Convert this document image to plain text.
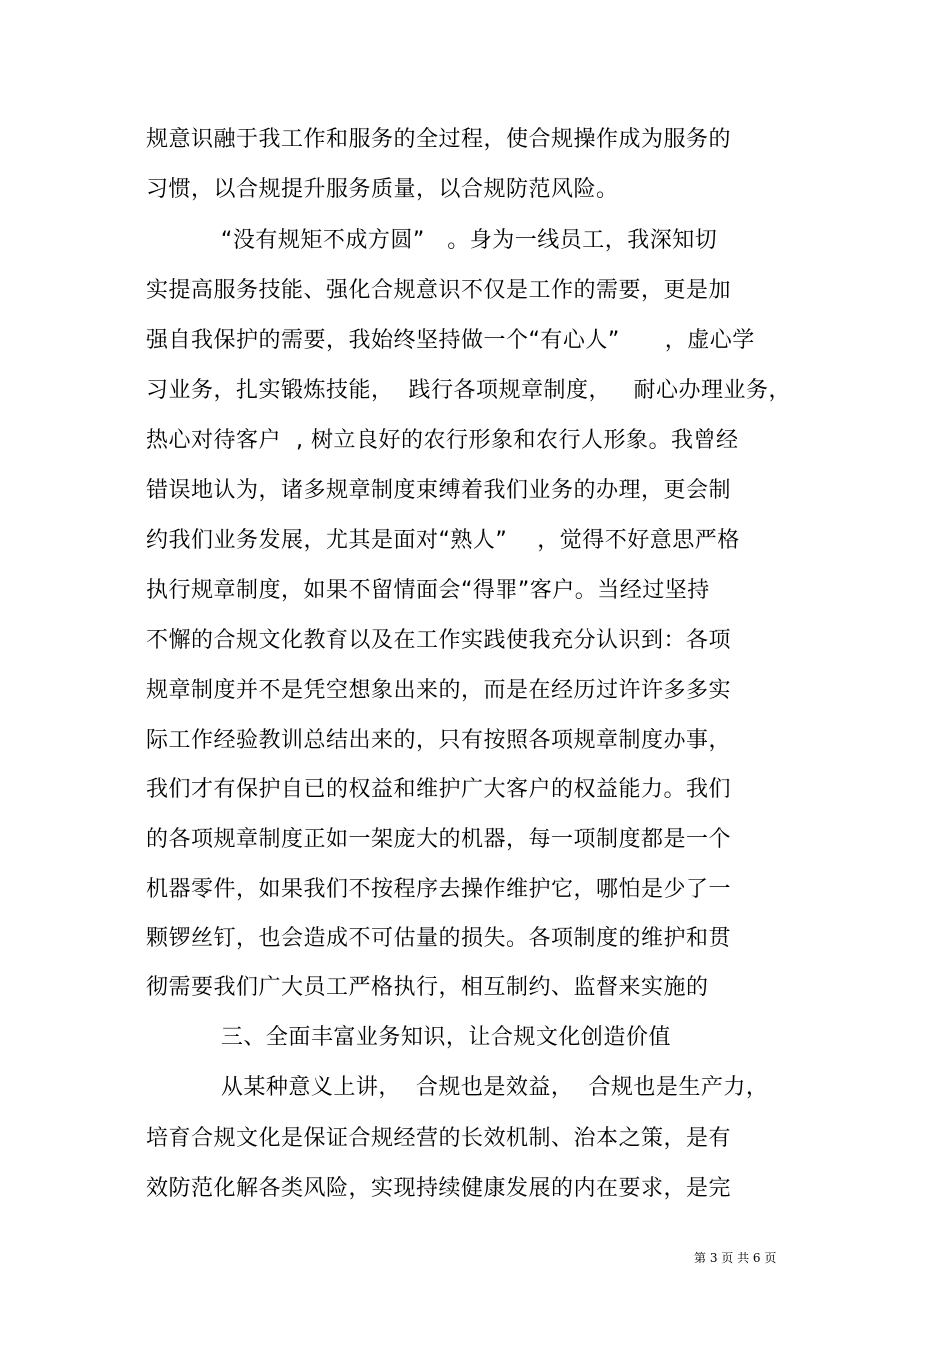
规意识融于我工作和服务的全过程，使合规操作成为服务的
习惯，以合规提升服务质量，以合规防范风险。
“没有规矩不成方圆”   。身为一线员工，我深知切
实提高服务技能、强化合规意识不仅是工作的需要，更是加
强自我保护的需要，我始终坚持做一个“有心人”      ，虚心学
习业务，扎实锻炼技能，  践行各项规章制度，   耐心办理业务，
热心对待客户  , 树立良好的农行形象和农行人形象。我曾经
错误地认为，诸多规章制度束缚着我们业务的办理，更会制
约我们业务发展，尤其是面对“熟人”    ，觉得不好意思严格
执行规章制度，如果不留情面会“得罪”客户。当经过坚持
不懈的合规文化教育以及在工作实践使我充分认识到：各项
规章制度并不是凭空想象出来的，而是在经历过许许多多实
际工作经验教训总结出来的，只有按照各项规章制度办事，
我们才有保护自已的权益和维护广大客户的权益能力。我们
的各项规章制度正如一架庞大的机器，每一项制度都是一个
机器零件，如果我们不按程序去操作维护它，哪怕是少了一
颗锣丝钉，也会造成不可估量的损失。各项制度的维护和贯
彻需要我们广大员工严格执行，相互制约、监督来实施的
三、全面丰富业务知识，让合规文化创造价值
从某种意义上讲，  合规也是效益，  合规也是生产力，
培育合规文化是保证合规经营的长效机制、治本之策，是有
效防范化解各类风险，实现持续健康发展的内在要求，是完
第 3 页 共 6 页
